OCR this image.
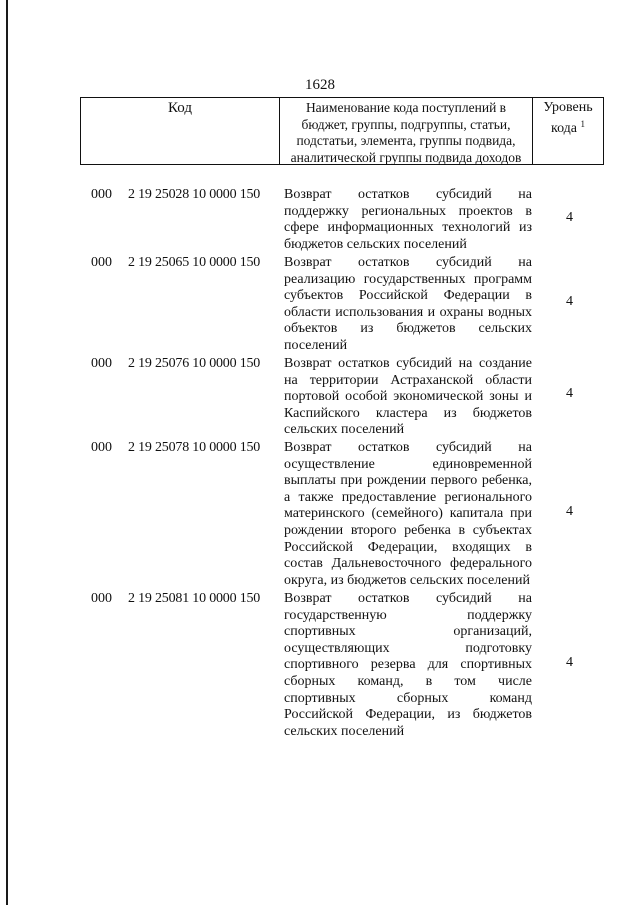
1628
Код	Наименование кода поступлений в
бюджет, группы, подгруппы, статьи,
подстатьи, элемента, группы подвида,
аналитической группы подвида доходов
Уровень
кода $^1$
000 2 19 25028 10 0000 150 Возврат остатков субсидий на
поддержку региональных проектов в
сфере информационных технологий из
бюджетов сельских поселений
4
000 2 19 25065 10 0000 150 Возврат остатков субсидий на
реализацию государственных программ
субъектов Российской Федерации в
области использования и охраны водных
объектов из бюджетов сельских
поселений
4
000 2 19 25076 10 0000 150 Возврат остатков субсидий на создание
на территории Астраханской области
портовой особой экономической зоны и
Каспийского кластера из бюджетов
сельских поселений
4
000 2 19 25078 10 0000 150 Возврат остатков субсидий на
осуществление единовременной
выплаты при рождении первого ребенка,
а также предоставление регионального
материнского (семейного) капитала при
рождении второго ребенка в субъектах
Российской Федерации, входящих в
состав Дальневосточного федерального
округа, из бюджетов сельских поселений
4
000 2 19 25081 10 0000 150 Возврат остатков субсидий на
государственную поддержку
спортивных организаций,
осуществляющих подготовку
спортивного резерва для спортивных
сборных команд, в том числе
спортивных сборных команд
Российской Федерации, из бюджетов
сельских поселений
4
